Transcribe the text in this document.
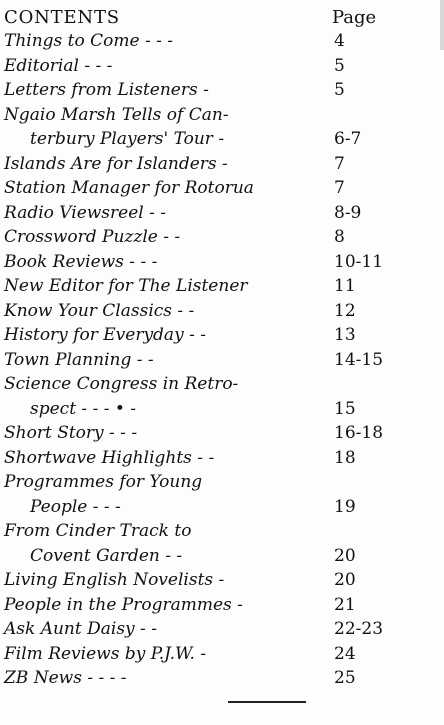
CONTENTS	Page
Things to Come - - -	4
Editorial - - -	5
Letters from Listeners -	5
Ngaio Marsh Tells of Can-
terbury Players' Tour -	6-7
Islands Are for Islanders -	7
Station Manager for Rotorua	7
Radio Viewsreel - -	8-9
Crossword Puzzle - -	8
Book Reviews - - -	10-11
New Editor for The Listener	11
Know Your Classics - -	12
History for Everyday - -	13
Town Planning - -	14-15
Science Congress in Retro-
spect - - - • -	15
Short Story - - -	16-18
Shortwave Highlights - -	18
Programmes for Young
People - - -	19
From Cinder Track to
Covent Garden - -	20
Living English Novelists -	20
People in the Programmes -	21
Ask Aunt Daisy - -	22-23
Film Reviews by P.J.W. -	24
ZB News - - - -	25
